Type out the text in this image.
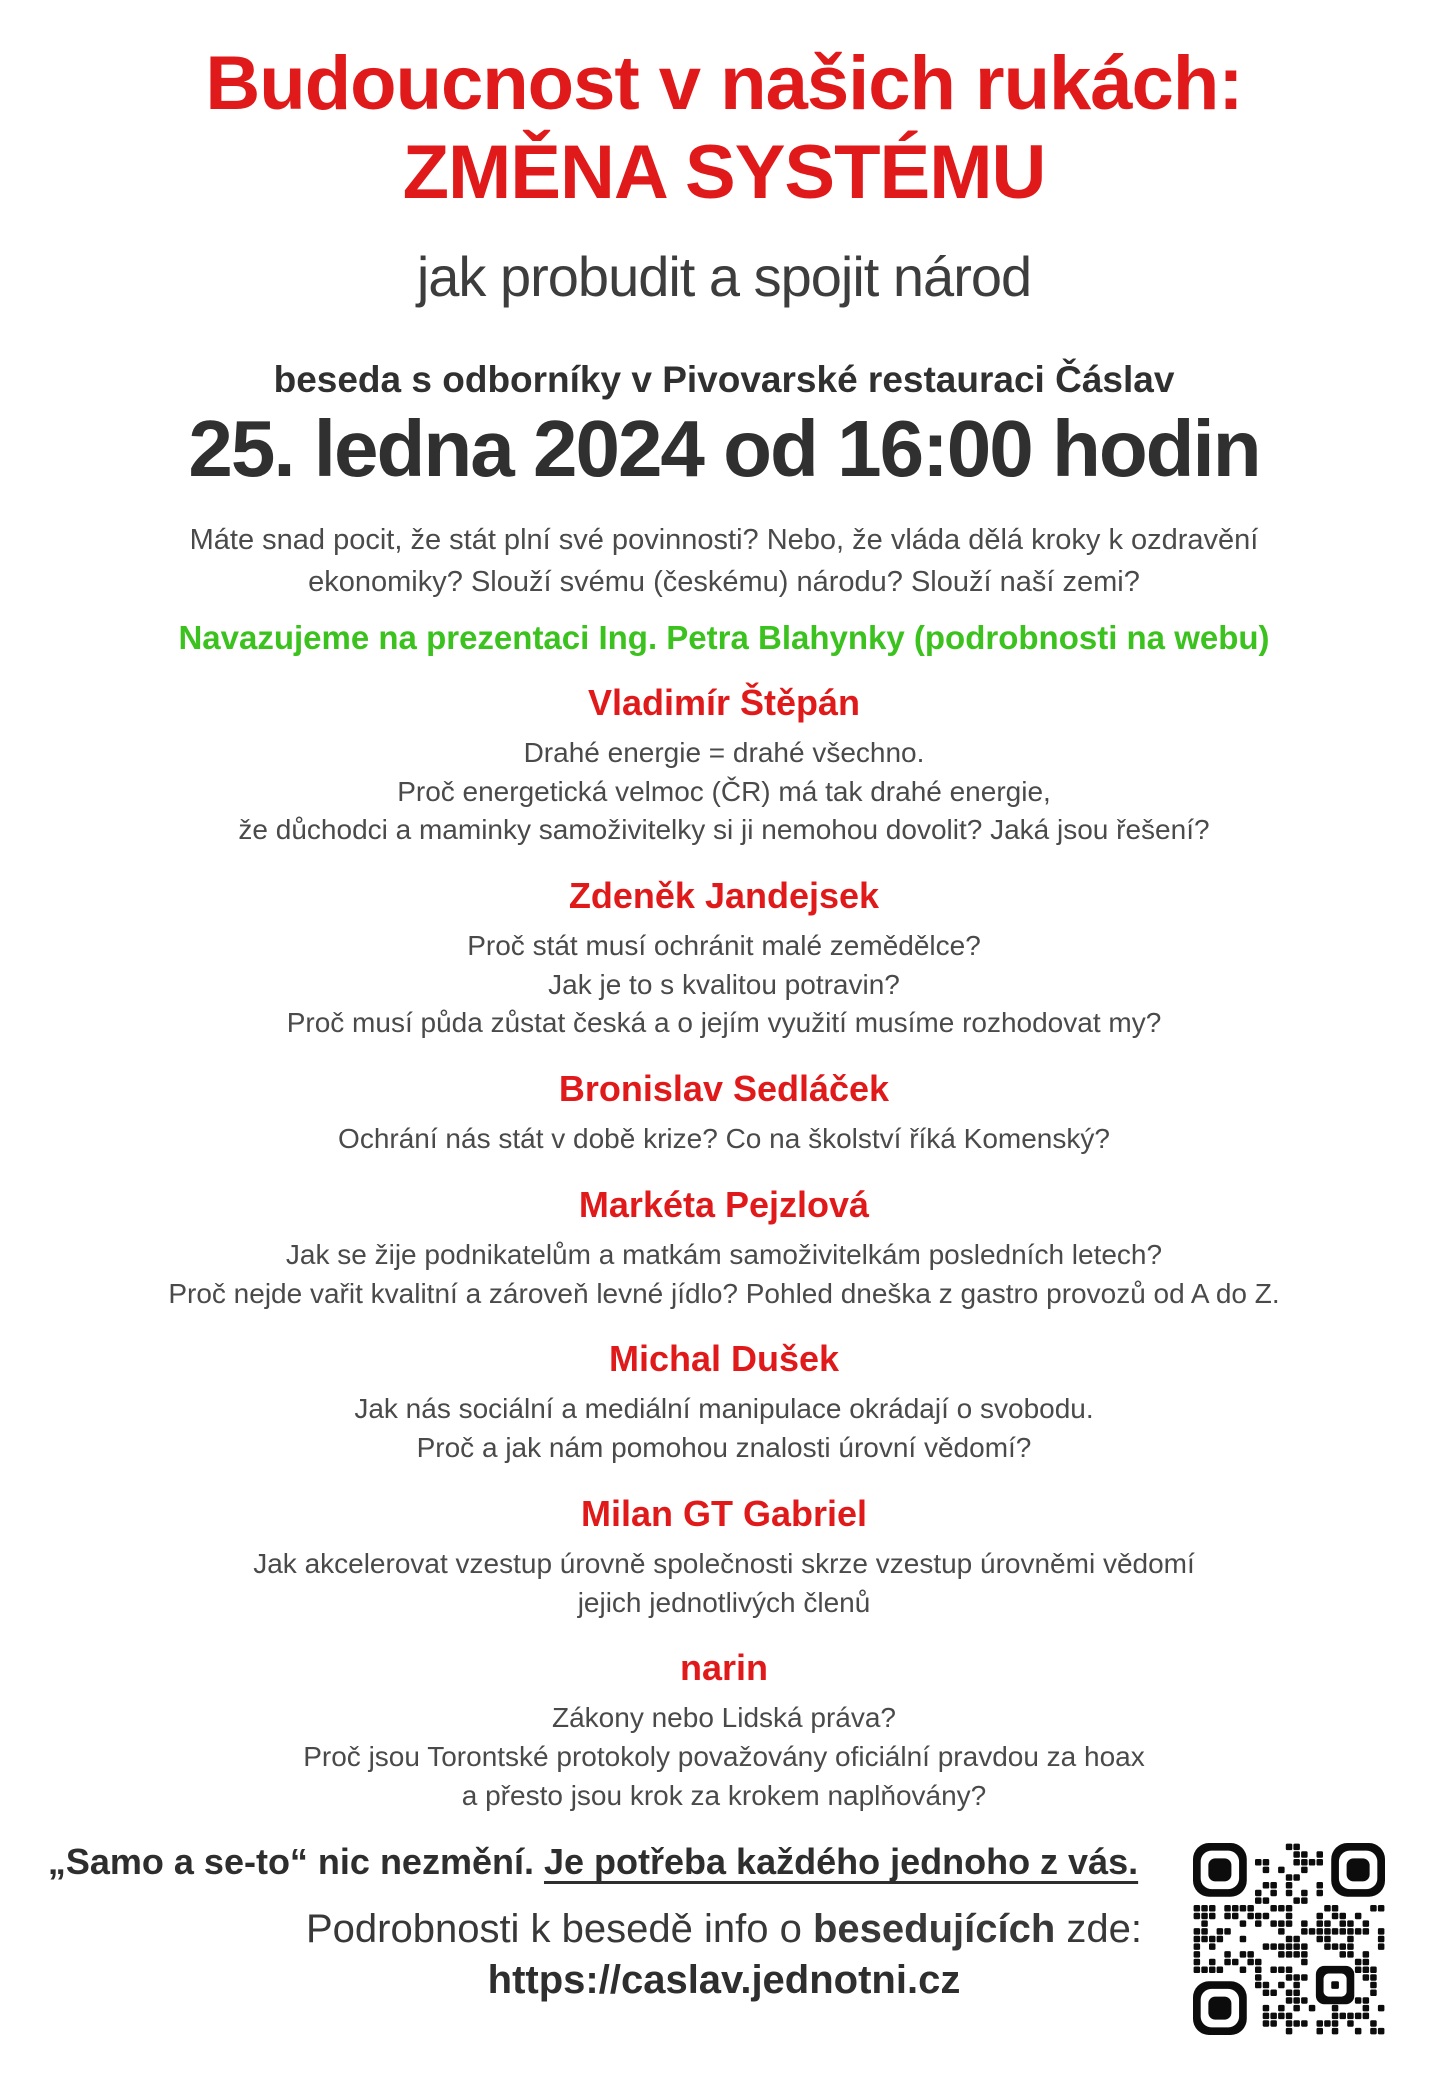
Budoucnost v našich rukách:
ZMĚNA SYSTÉMU
jak probudit a spojit národ
beseda s odborníky v Pivovarské restauraci Čáslav
25. ledna 2024 od 16:00 hodin
Máte snad pocit, že stát plní své povinnosti? Nebo, že vláda dělá kroky k ozdravění
ekonomiky? Slouží svému (českému) národu? Slouží naší zemi?
Navazujeme na prezentaci Ing. Petra Blahynky (podrobnosti na webu)
Vladimír Štěpán
Drahé energie = drahé všechno.
Proč energetická velmoc (ČR) má tak drahé energie,
že důchodci a maminky samoživitelky si ji nemohou dovolit? Jaká jsou řešení?
Zdeněk Jandejsek
Proč stát musí ochránit malé zemědělce?
Jak je to s kvalitou potravin?
Proč musí půda zůstat česká a o jejím využití musíme rozhodovat my?
Bronislav Sedláček
Ochrání nás stát v době krize? Co na školství říká Komenský?
Markéta Pejzlová
Jak se žije podnikatelům a matkám samoživitelkám posledních letech?
Proč nejde vařit kvalitní a zároveň levné jídlo? Pohled dneška z gastro provozů od A do Z.
Michal Dušek
Jak nás sociální a mediální manipulace okrádají o svobodu.
Proč a jak nám pomohou znalosti úrovní vědomí?
Milan GT Gabriel
Jak akcelerovat vzestup úrovně společnosti skrze vzestup úrovněmi vědomí
jejich jednotlivých členů
narin
Zákony nebo Lidská práva?
Proč jsou Torontské protokoly považovány oficiální pravdou za hoax
a přesto jsou krok za krokem naplňovány?
„Samo a se-to“ nic nezmění. Je potřeba každého jednoho z vás.
Podrobnosti k besedě info o besedujících zde:
https://caslav.jednotni.cz
